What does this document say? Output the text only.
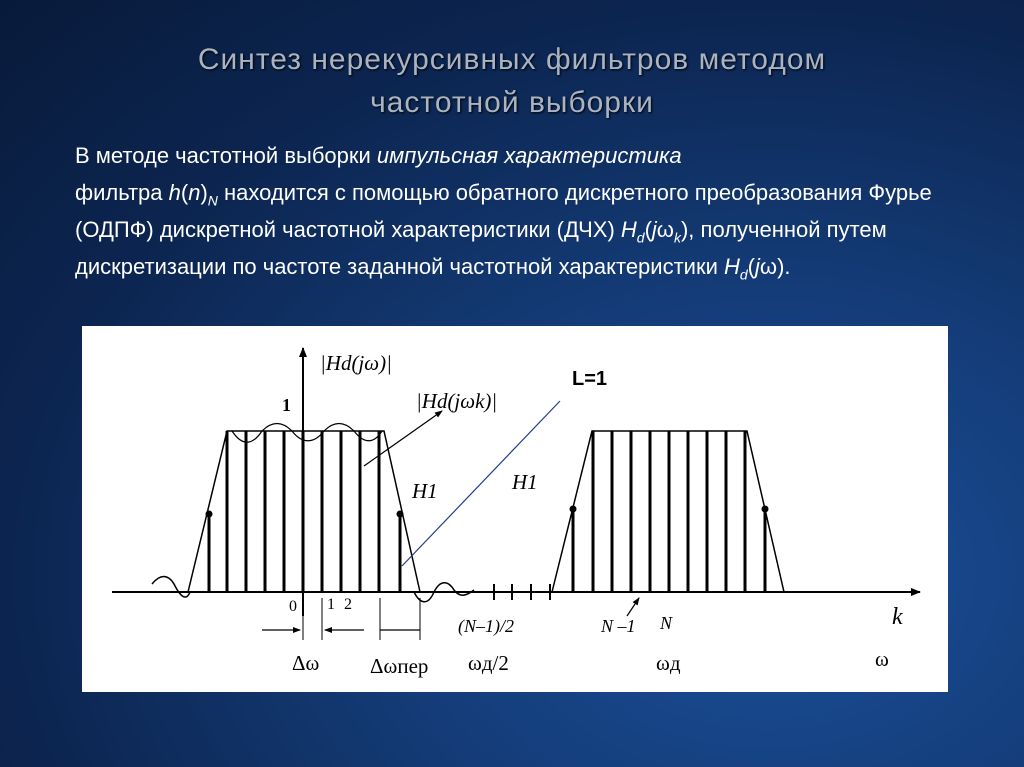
Синтез нерекурсивных фильтров методом
частотной выборки
В методе частотной выборки импульсная характеристика
фильтра $h(n)_N$ находится с помощью обратного дискретного преобразования Фурье (ОДПФ) дискретной частотной характеристики (ДЧХ) $H_d(j\omega_k)$, полученной путем дискретизации по частоте заданной частотной характеристики $H_d(j\omega)$.
|Hd(jω)|
1	|Hd(jωk)|
L=1
H1	H1
0 1 2
(N–1)/2	N –1 N	k
Δω Δωпер ωд/2	ωд	ω
